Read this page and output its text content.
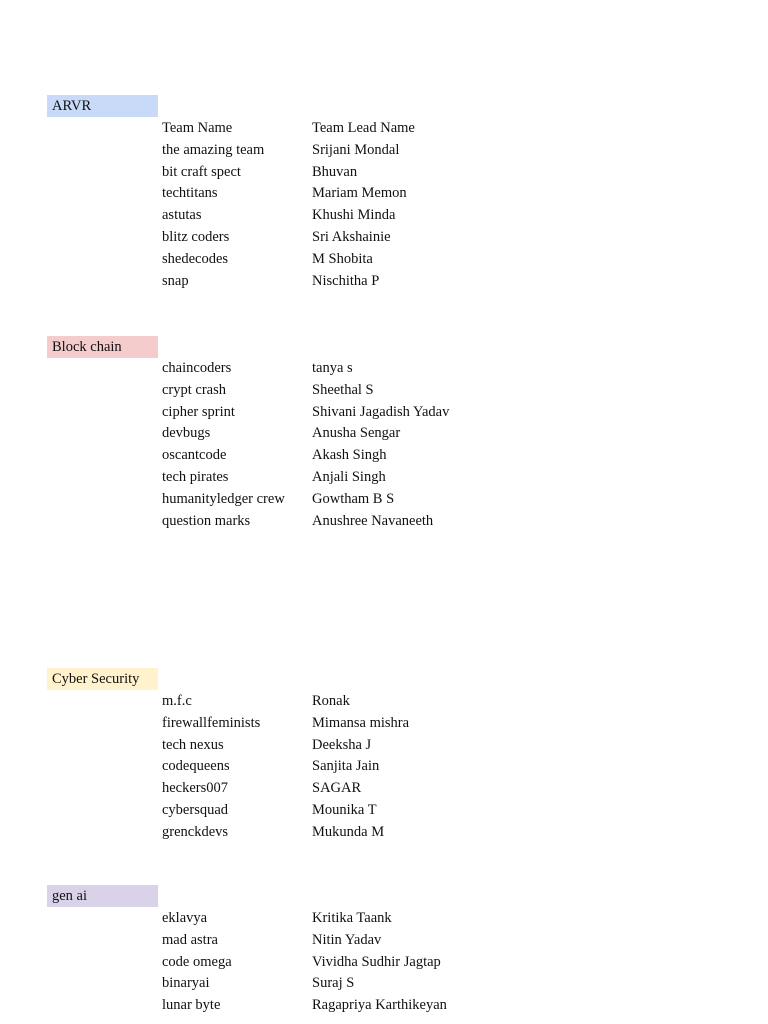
ARVR
Team Name	Team Lead Name
the amazing team	Srijani Mondal
bit craft spect	Bhuvan
techtitans	Mariam Memon
astutas	Khushi Minda
blitz coders	Sri Akshainie
shedecodes	M Shobita
snap	Nischitha P
Block chain
chaincoders	tanya s
crypt crash	Sheethal S
cipher sprint	Shivani Jagadish Yadav
devbugs	Anusha Sengar
oscantcode	Akash Singh
tech pirates	Anjali Singh
humanityledger crew	Gowtham B S
question marks	Anushree Navaneeth
Cyber Security
m.f.c	Ronak
firewallfeminists	Mimansa mishra
tech nexus	Deeksha J
codequeens	Sanjita Jain
heckers007	SAGAR
cybersquad	Mounika T
grenckdevs	Mukunda M
gen ai
eklavya	Kritika Taank
mad astra	Nitin Yadav
code omega	Vividha Sudhir Jagtap
binaryai	Suraj S
lunar byte	Ragapriya Karthikeyan
